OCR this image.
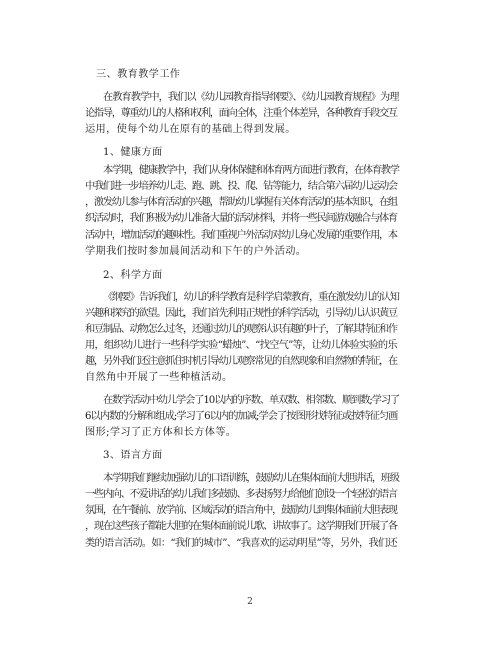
三、教育教学工作
在教育教学中，我们以《幼儿园教育指导纲要》、《幼儿园教育规程》为理
论指导，尊重幼儿的人格和权利，面向全体，注重个体差异，各种教育手段交互
运用，使每个幼儿在原有的基础上得到发展。
1、健康方面
本学期，健康教学中，我们从身体保健和体育两方面进行教育，在体育教学
中我们进一步培养幼儿走、跑、跳、投、爬、钻等能力，结合第六届幼儿运动会
，激发幼儿参与体育活动的兴趣，帮助幼儿掌握有关体育活动的基本知识，在组
织活动时，我们积极为幼儿准备大量的活动材料，并将一些民间游戏融合与体育
活动中，增加活动的趣味性。我们重视户外活动对幼儿身心发展的重要作用，本
学期我们按时参加晨间活动和下午的户外活动。
2、科学方面
《纲要》告诉我们，幼儿的科学教育是科学启蒙教育，重在激发幼儿的认知
兴趣和探究的欲望。因此，我们首先利用正规性的科学活动，引导幼儿认识黄豆
和豆制品、动物怎么过冬，还通过幼儿的观察认识有趣的叶子，了解其特征和作
用，组织幼儿进行一些科学实验“蜡烛”、“找空气”等，让幼儿体验实验的乐
趣，另外我们还注意抓住时机引导幼儿观察常见的自然现象和自然物的特征，在
自然角中开展了一些种植活动。
在数学活动中幼儿学会了10以内的序数、单双数、相邻数、顺到数;学习了
6以内数的分解和组成;学习了6以内的加减;学会了按图形找特征或按特征匀画
图形;学习了正方体和长方体等。
3、语言方面
本学期我们继续加强幼儿的口语训练，鼓励幼儿在集体面前大胆讲话，班级
一些内向、不爱讲话的幼儿我们多鼓励、多表扬努力给他们创设一个轻松的语言
氛围，在午餐前、放学前、区域活动的语言角中，鼓励幼儿到集体面前大胆表现
，现在这些孩子都能大胆的在集体面前说儿歌、讲故事了。这学期我们开展了各
类的语言活动。如：“我们的城市”、“我喜欢的运动明星”等，另外，我们还
2
